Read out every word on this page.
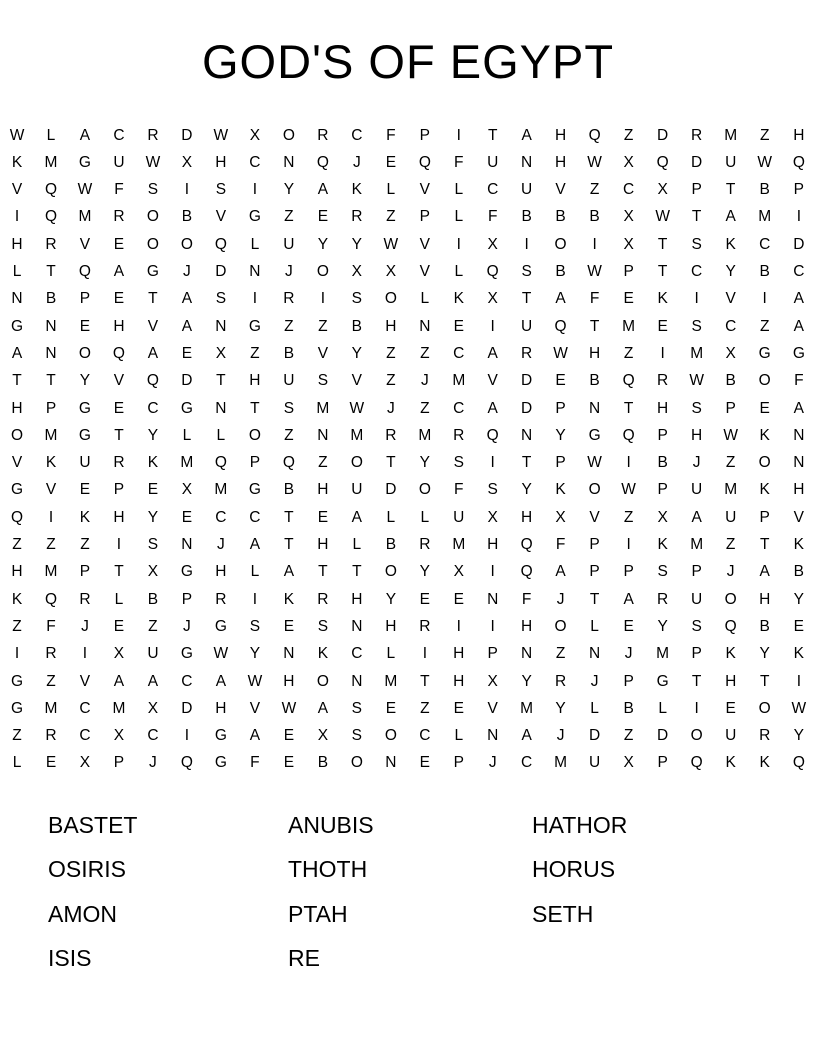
GOD'S OF EGYPT
W	L	A	C	R	D	W	X	O	R	C	F	P	I	T	A	H	Q	Z	D	R	M	Z	H
K	M	G	U	W	X	H	C	N	Q	J	E	Q	F	U	N	H	W	X	Q	D	U	W	Q
V	Q	W	F	S	I	S	I	Y	A	K	L	V	L	C	U	V	Z	C	X	P	T	B	P
I	Q	M	R	O	B	V	G	Z	E	R	Z	P	L	F	B	B	B	X	W	T	A	M	I
H	R	V	E	O	O	Q	L	U	Y	Y	W	V	I	X	I	O	I	X	T	S	K	C	D
L	T	Q	A	G	J	D	N	J	O	X	X	V	L	Q	S	B	W	P	T	C	Y	B	C
N	B	P	E	T	A	S	I	R	I	S	O	L	K	X	T	A	F	E	K	I	V	I	A
G	N	E	H	V	A	N	G	Z	Z	B	H	N	E	I	U	Q	T	M	E	S	C	Z	A
A	N	O	Q	A	E	X	Z	B	V	Y	Z	Z	C	A	R	W	H	Z	I	M	X	G	G
T	T	Y	V	Q	D	T	H	U	S	V	Z	J	M	V	D	E	B	Q	R	W	B	O	F
H	P	G	E	C	G	N	T	S	M	W	J	Z	C	A	D	P	N	T	H	S	P	E	A
O	M	G	T	Y	L	L	O	Z	N	M	R	M	R	Q	N	Y	G	Q	P	H	W	K	N
V	K	U	R	K	M	Q	P	Q	Z	O	T	Y	S	I	T	P	W	I	B	J	Z	O	N
G	V	E	P	E	X	M	G	B	H	U	D	O	F	S	Y	K	O	W	P	U	M	K	H
Q	I	K	H	Y	E	C	C	T	E	A	L	L	U	X	H	X	V	Z	X	A	U	P	V
Z	Z	Z	I	S	N	J	A	T	H	L	B	R	M	H	Q	F	P	I	K	M	Z	T	K
H	M	P	T	X	G	H	L	A	T	T	O	Y	X	I	Q	A	P	P	S	P	J	A	B
K	Q	R	L	B	P	R	I	K	R	H	Y	E	E	N	F	J	T	A	R	U	O	H	Y
Z	F	J	E	Z	J	G	S	E	S	N	H	R	I	I	H	O	L	E	Y	S	Q	B	E
I	R	I	X	U	G	W	Y	N	K	C	L	I	H	P	N	Z	N	J	M	P	K	Y	K
G	Z	V	A	A	C	A	W	H	O	N	M	T	H	X	Y	R	J	P	G	T	H	T	I
G	M	C	M	X	D	H	V	W	A	S	E	Z	E	V	M	Y	L	B	L	I	E	O	W
Z	R	C	X	C	I	G	A	E	X	S	O	C	L	N	A	J	D	Z	D	O	U	R	Y
L	E	X	P	J	Q	G	F	E	B	O	N	E	P	J	C	M	U	X	P	Q	K	K	Q
BASTET	ANUBIS	HATHOR
OSIRIS	THOTH	HORUS
AMON	PTAH	SETH
ISIS	RE
